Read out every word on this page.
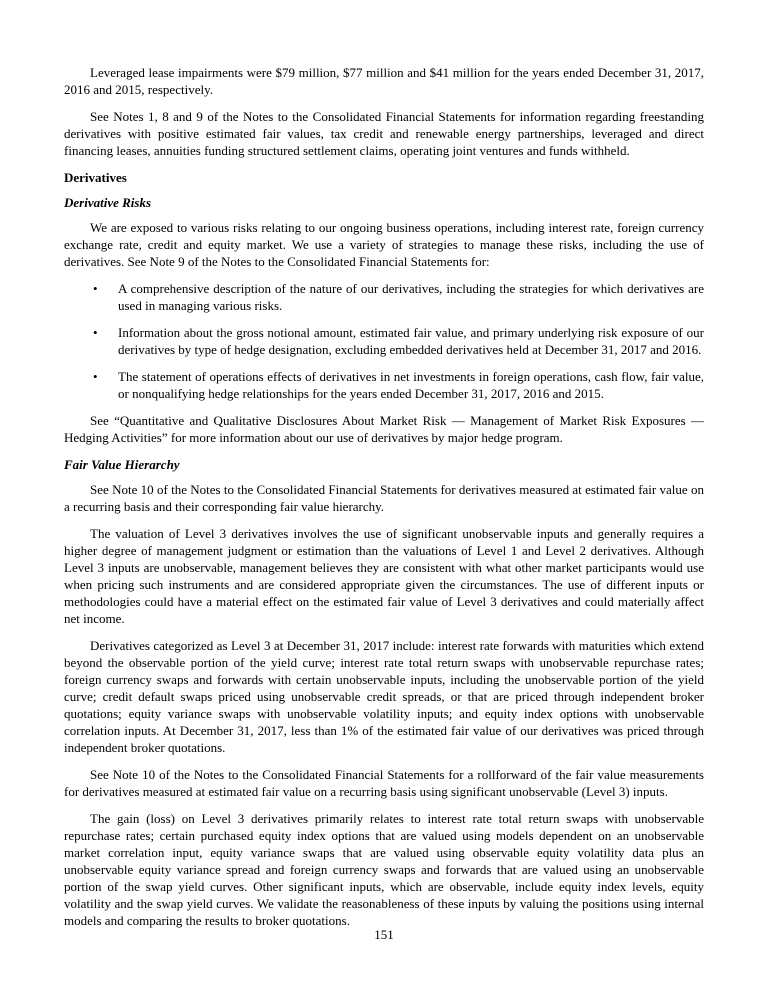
Leveraged lease impairments were $79 million, $77 million and $41 million for the years ended December 31, 2017, 2016 and 2015, respectively.

See Notes 1, 8 and 9 of the Notes to the Consolidated Financial Statements for information regarding freestanding derivatives with positive estimated fair values, tax credit and renewable energy partnerships, leveraged and direct financing leases, annuities funding structured settlement claims, operating joint ventures and funds withheld.

Derivatives
Derivative Risks

We are exposed to various risks relating to our ongoing business operations, including interest rate, foreign currency exchange rate, credit and equity market. We use a variety of strategies to manage these risks, including the use of derivatives. See Note 9 of the Notes to the Consolidated Financial Statements for:

•	A comprehensive description of the nature of our derivatives, including the strategies for which derivatives are used in managing various risks.
•	Information about the gross notional amount, estimated fair value, and primary underlying risk exposure of our derivatives by type of hedge designation, excluding embedded derivatives held at December 31, 2017 and 2016.
•	The statement of operations effects of derivatives in net investments in foreign operations, cash flow, fair value, or nonqualifying hedge relationships for the years ended December 31, 2017, 2016 and 2015.

See “Quantitative and Qualitative Disclosures About Market Risk — Management of Market Risk Exposures — Hedging Activities” for more information about our use of derivatives by major hedge program.

Fair Value Hierarchy

See Note 10 of the Notes to the Consolidated Financial Statements for derivatives measured at estimated fair value on a recurring basis and their corresponding fair value hierarchy.

The valuation of Level 3 derivatives involves the use of significant unobservable inputs and generally requires a higher degree of management judgment or estimation than the valuations of Level 1 and Level 2 derivatives. Although Level 3 inputs are unobservable, management believes they are consistent with what other market participants would use when pricing such instruments and are considered appropriate given the circumstances. The use of different inputs or methodologies could have a material effect on the estimated fair value of Level 3 derivatives and could materially affect net income.

Derivatives categorized as Level 3 at December 31, 2017 include: interest rate forwards with maturities which extend beyond the observable portion of the yield curve; interest rate total return swaps with unobservable repurchase rates; foreign currency swaps and forwards with certain unobservable inputs, including the unobservable portion of the yield curve; credit default swaps priced using unobservable credit spreads, or that are priced through independent broker quotations; equity variance swaps with unobservable volatility inputs; and equity index options with unobservable correlation inputs. At December 31, 2017, less than 1% of the estimated fair value of our derivatives was priced through independent broker quotations.

See Note 10 of the Notes to the Consolidated Financial Statements for a rollforward of the fair value measurements for derivatives measured at estimated fair value on a recurring basis using significant unobservable (Level 3) inputs.

The gain (loss) on Level 3 derivatives primarily relates to interest rate total return swaps with unobservable repurchase rates; certain purchased equity index options that are valued using models dependent on an unobservable market correlation input, equity variance swaps that are valued using observable equity volatility data plus an unobservable equity variance spread and foreign currency swaps and forwards that are valued using an unobservable portion of the swap yield curves. Other significant inputs, which are observable, include equity index levels, equity volatility and the swap yield curves. We validate the reasonableness of these inputs by valuing the positions using internal models and comparing the results to broker quotations.

151
